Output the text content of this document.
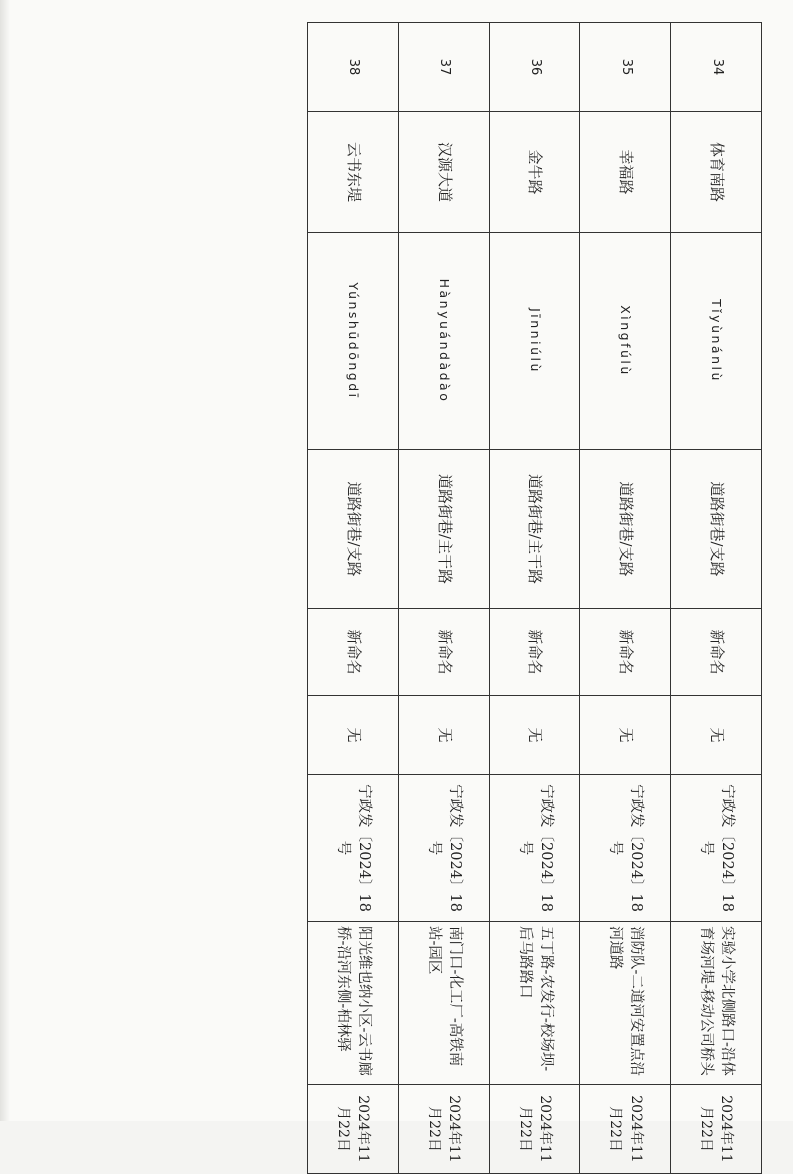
34	体育南路	Tǐyùnánlù	道路街巷/支路	新命名	无	宁政发〔2024〕18号	实验小学北侧路口-沿体育场河堤-移动公司桥头	2024年11月22日
35	幸福路	Xìngfúlù	道路街巷/支路	新命名	无	宁政发〔2024〕18号	消防队-二道河安置点沿河道路	2024年11月22日
36	金牛路	Jīnniúlù	道路街巷/主干路	新命名	无	宁政发〔2024〕18号	五丁路-农发行-校场坝-后马路路口	2024年11月22日
37	汉源大道	Hànyuándàdào	道路街巷/主干路	新命名	无	宁政发〔2024〕18号	南门口-化工厂-高铁南站-园区	2024年11月22日
38	云书东堤	Yúnshūdōngdī	道路街巷/支路	新命名	无	宁政发〔2024〕18号	阳光维也纳小区-云书廊桥-沿河东侧-柏林驿	2024年11月22日
